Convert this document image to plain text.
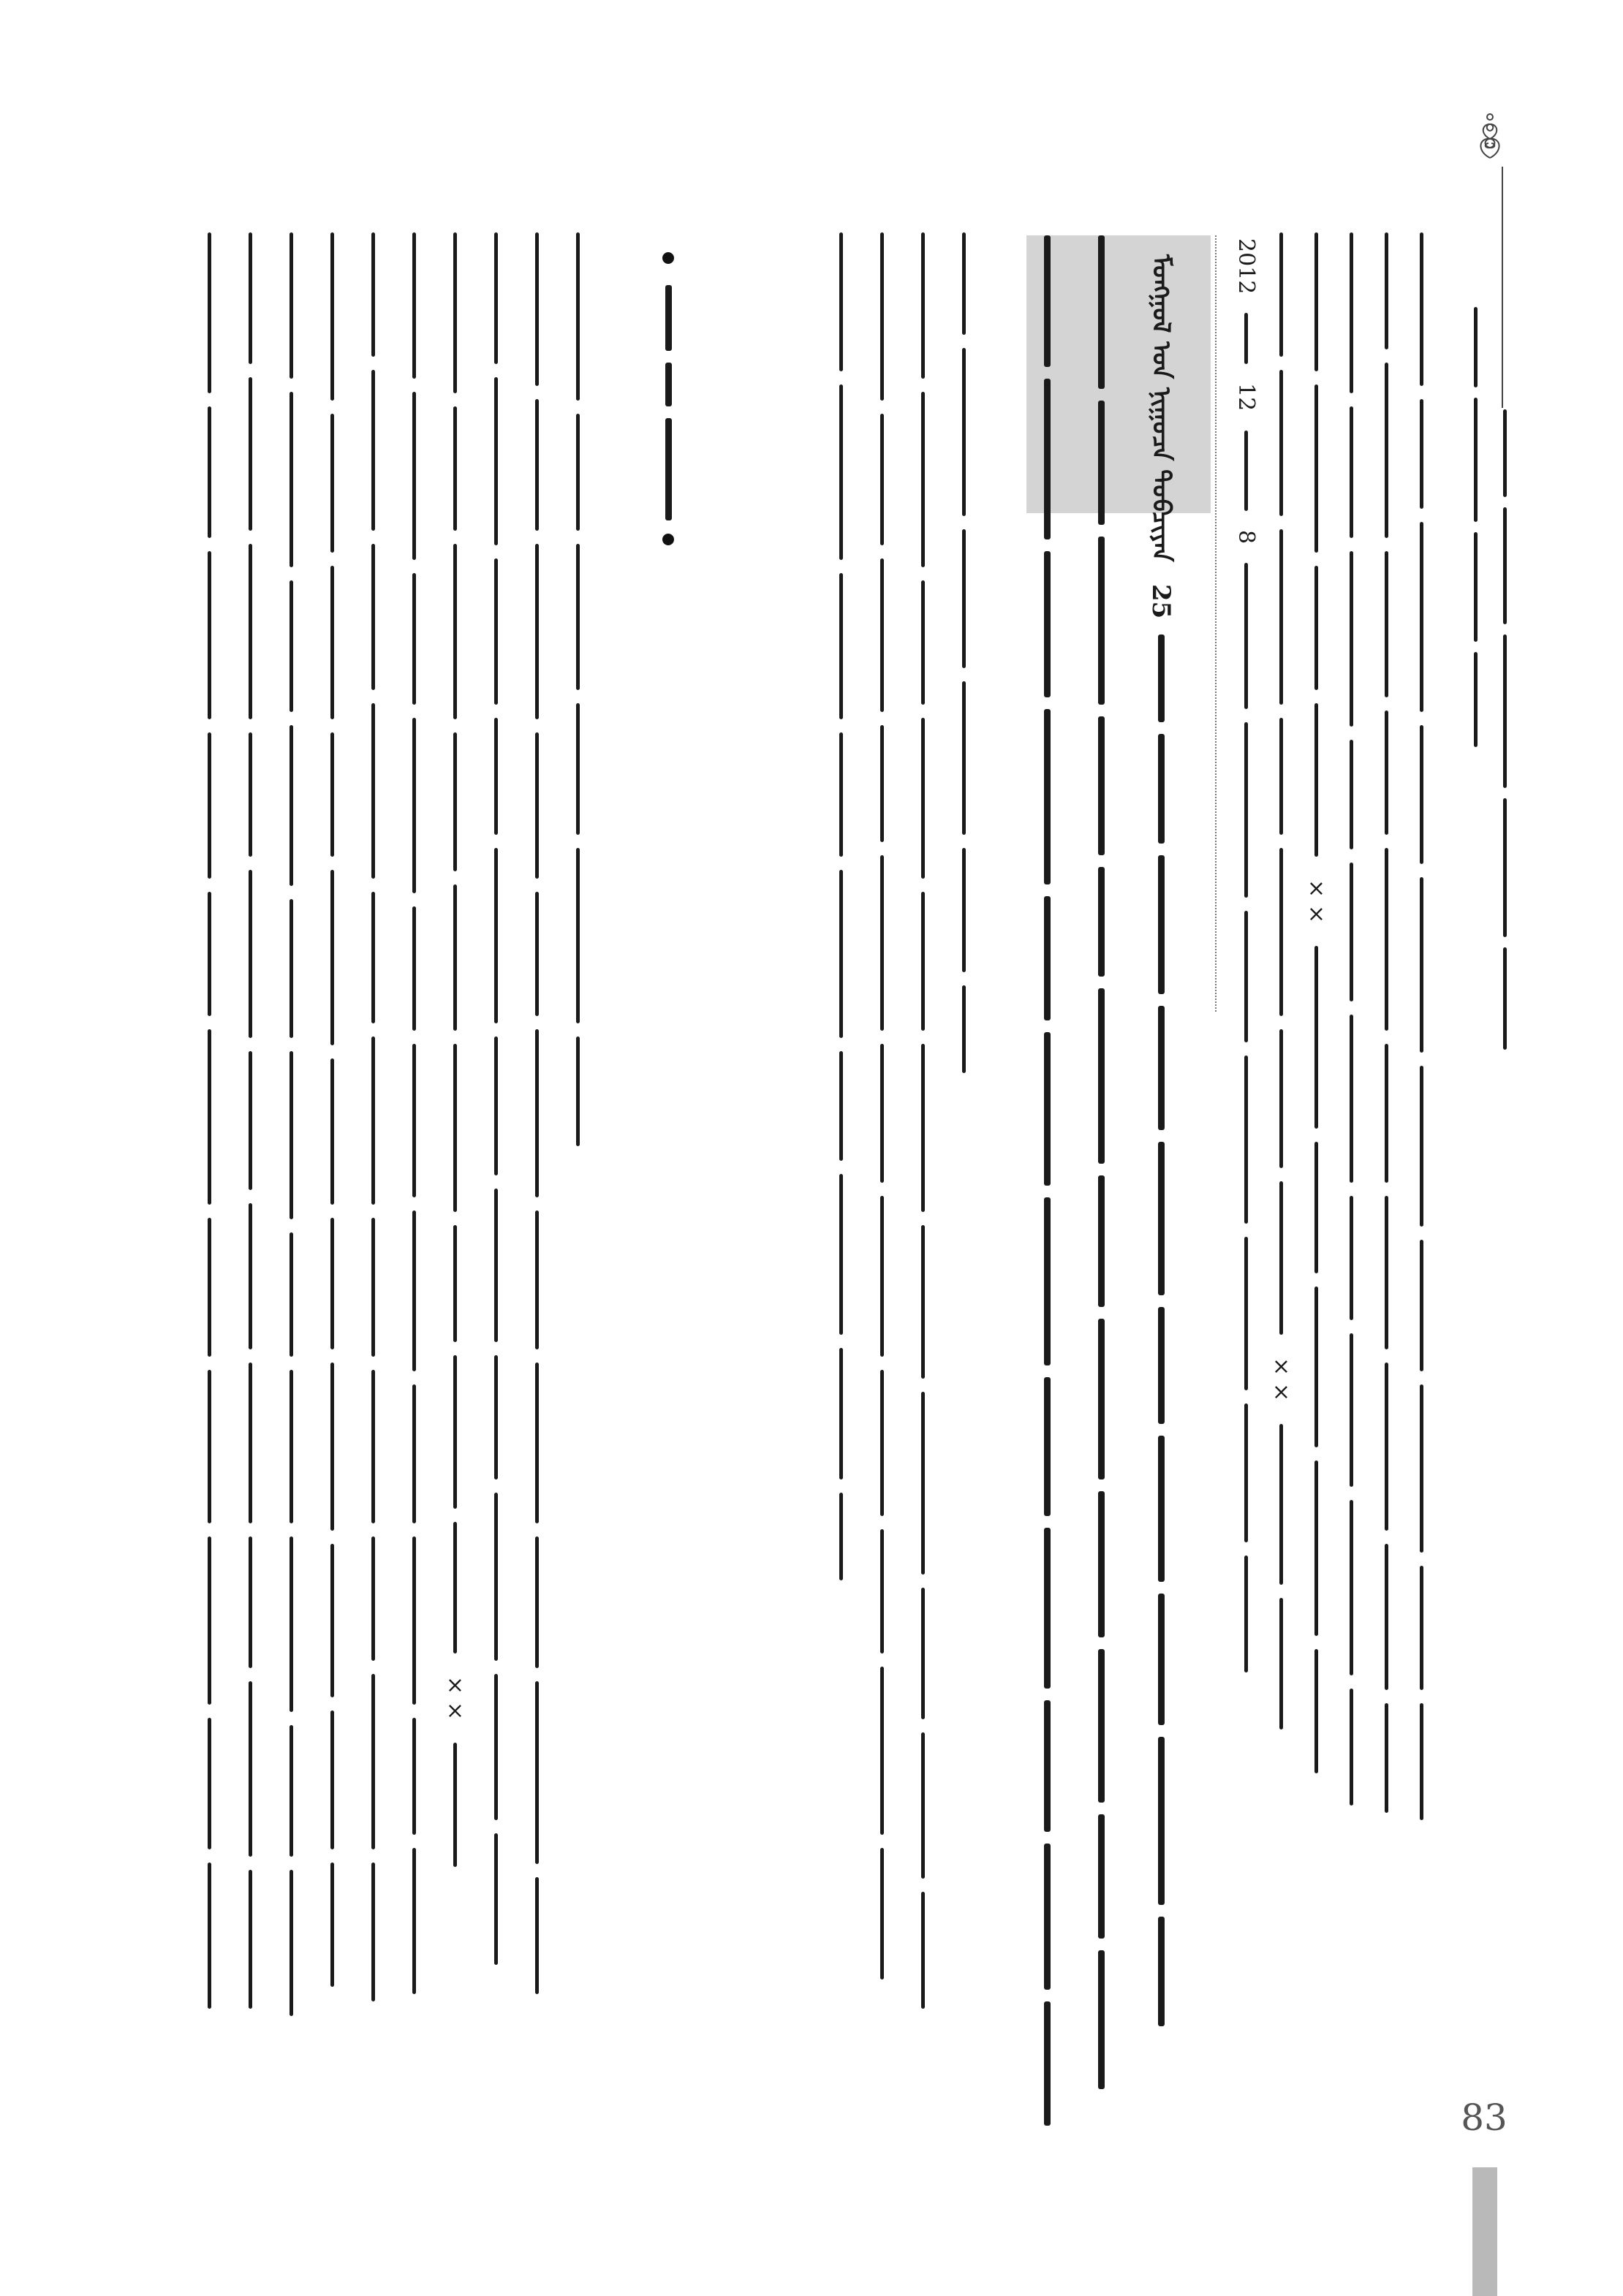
××
××
2012
12
8
ᠮᠣᠩᠭᠣᠯ ᠤᠨ ᠨᠢᠭᠤᠴᠠ ᠲᠣᠪᠴᠢᠶᠠᠨ
25
××
83
